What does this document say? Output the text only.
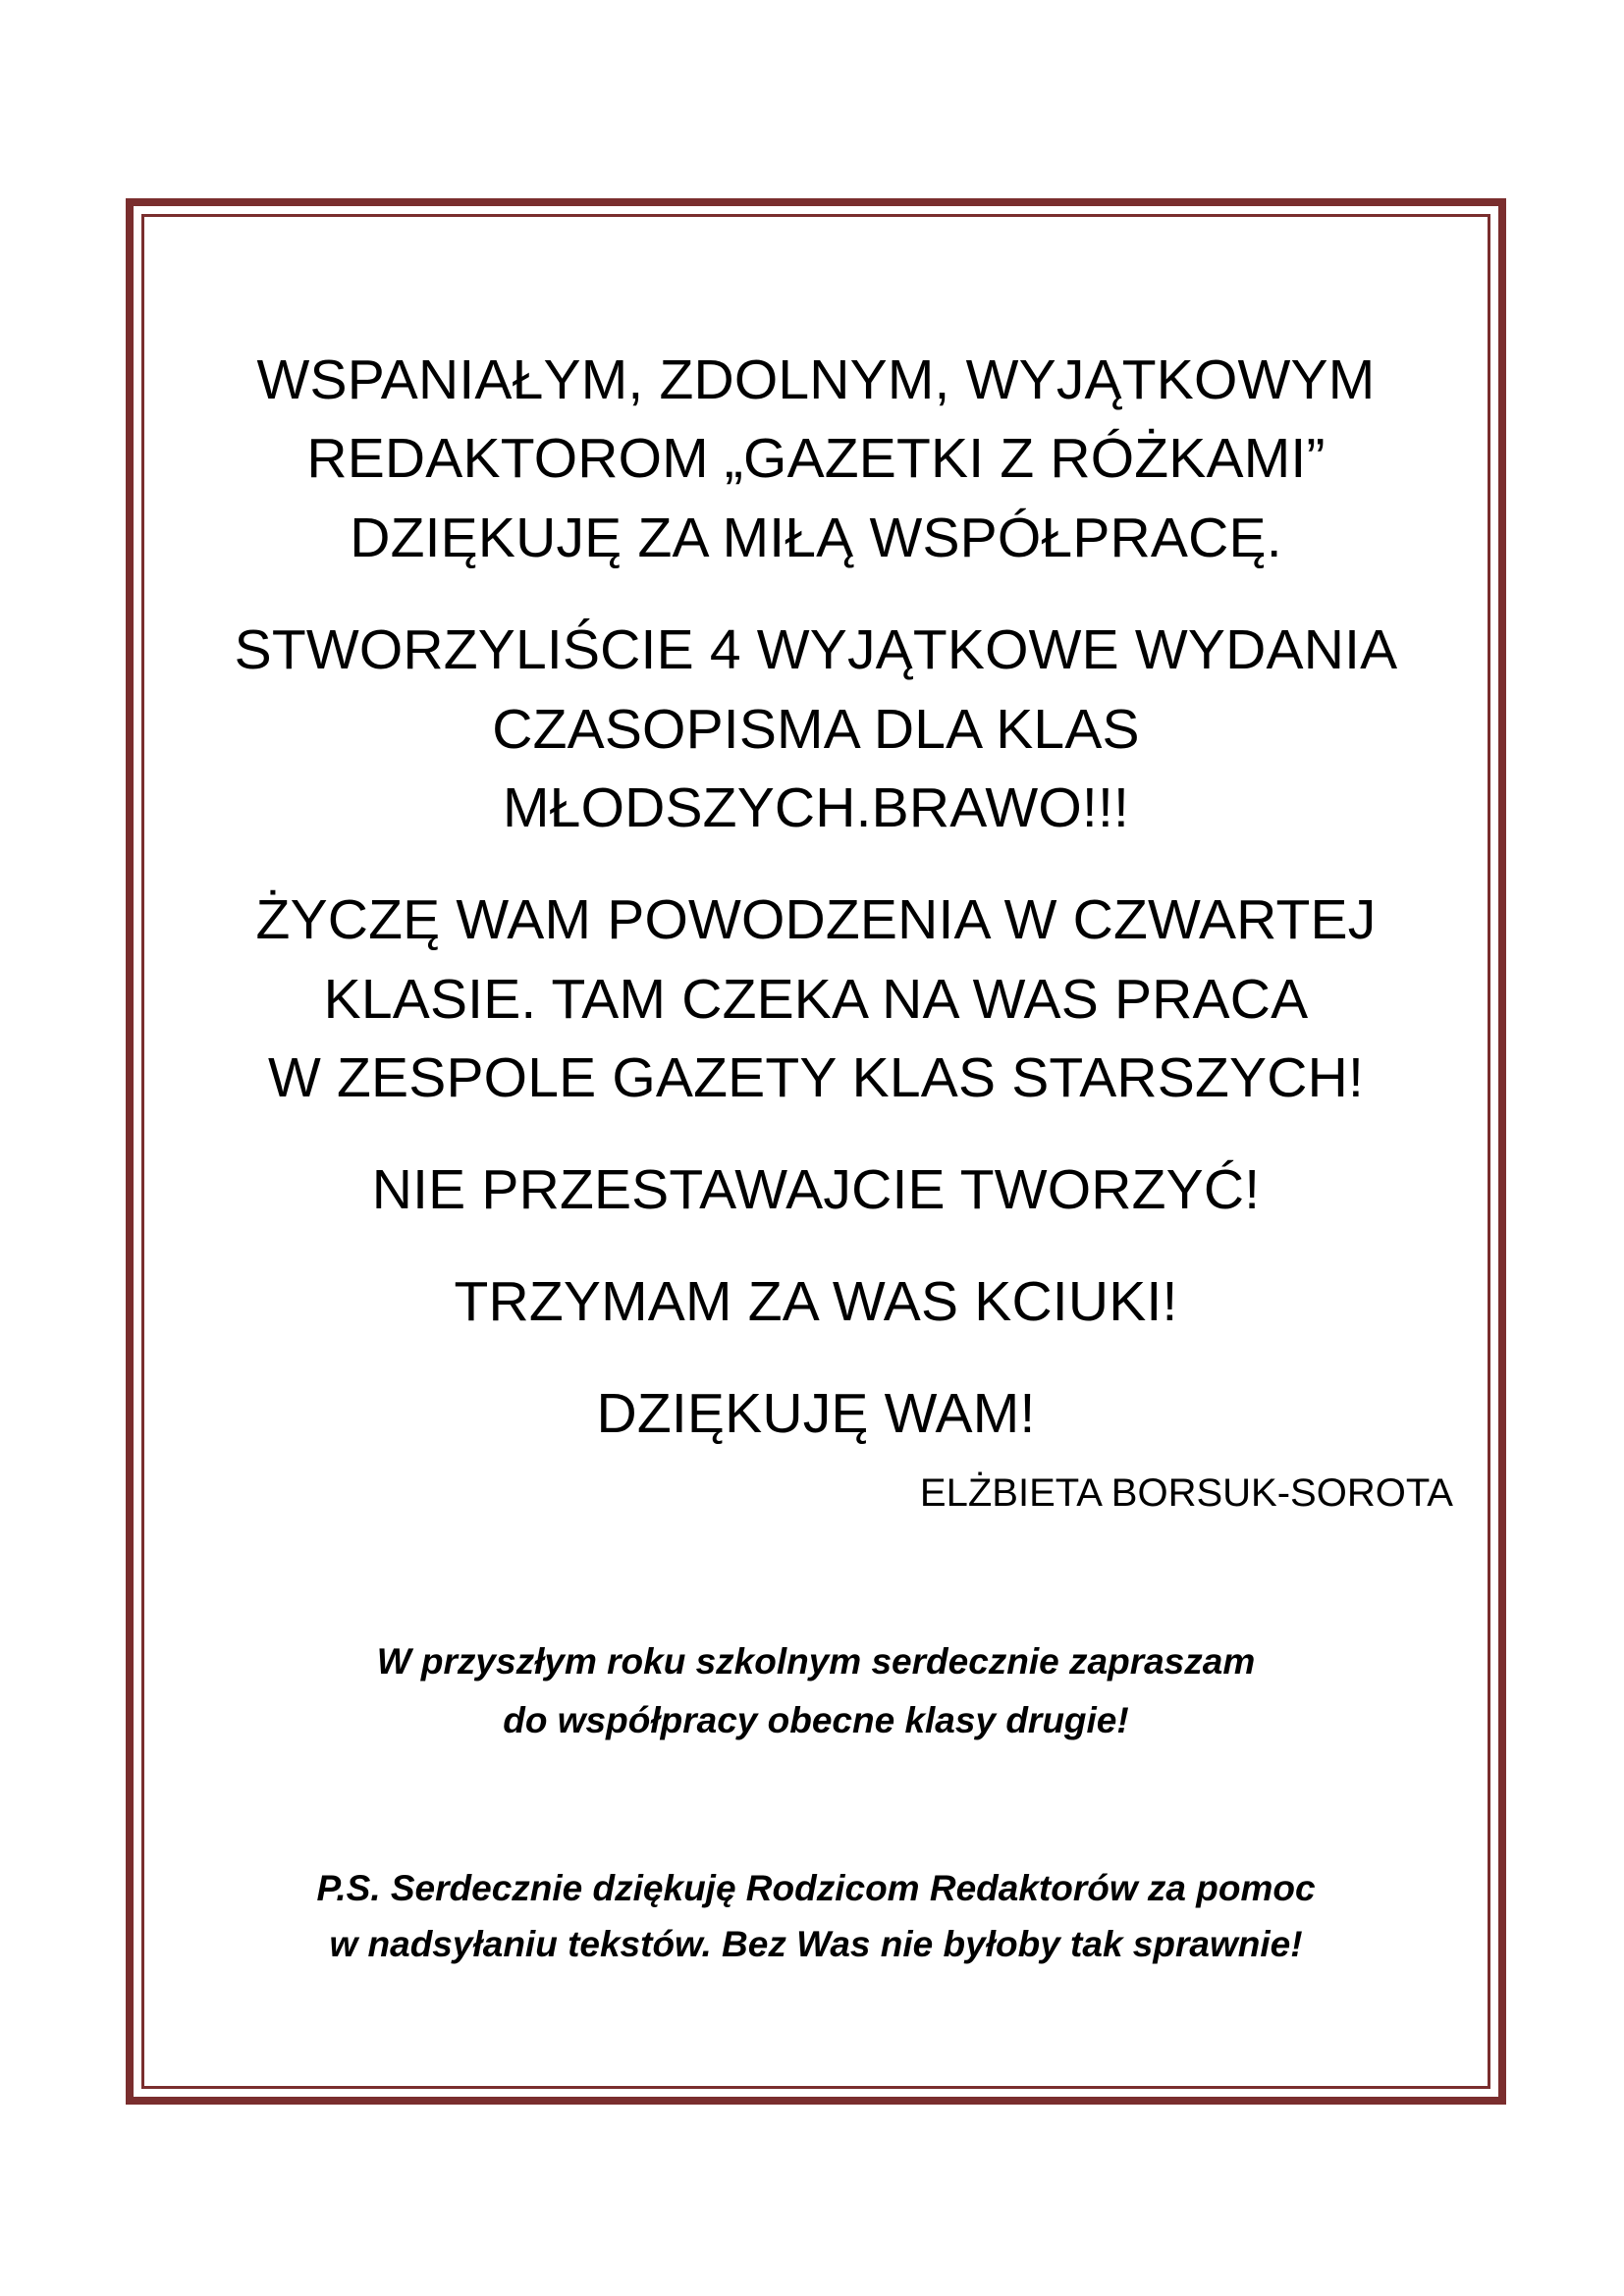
WSPANIAŁYM, ZDOLNYM, WYJĄTKOWYM
REDAKTOROM „GAZETKI Z RÓŻKAMI”
DZIĘKUJĘ ZA MIŁĄ WSPÓŁPRACĘ.
STWORZYLIŚCIE 4 WYJĄTKOWE WYDANIA
CZASOPISMA DLA KLAS
MŁODSZYCH.BRAWO!!!
ŻYCZĘ WAM POWODZENIA W CZWARTEJ
KLASIE. TAM CZEKA NA WAS PRACA
W ZESPOLE GAZETY KLAS STARSZYCH!
NIE PRZESTAWAJCIE TWORZYĆ!
TRZYMAM ZA WAS KCIUKI!
DZIĘKUJĘ WAM!
ELŻBIETA BORSUK-SOROTA
W przyszłym roku szkolnym serdecznie zapraszam
do współpracy obecne klasy drugie!
P.S. Serdecznie dziękuję Rodzicom Redaktorów za pomoc
w nadsyłaniu tekstów. Bez Was nie byłoby tak sprawnie!
